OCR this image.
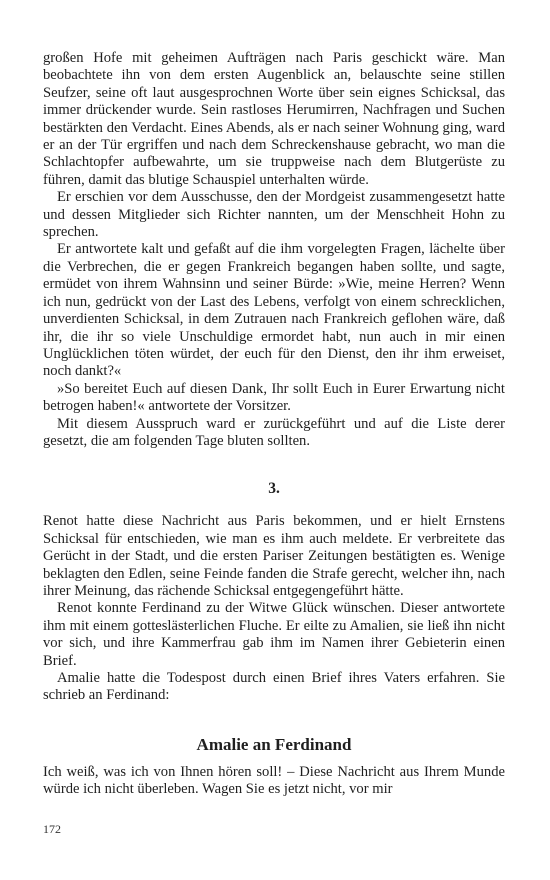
großen Hofe mit geheimen Aufträgen nach Paris geschickt wäre. Man beobachtete ihn von dem ersten Augenblick an, belauschte seine stillen Seufzer, seine oft laut ausgesprochnen Worte über sein eignes Schicksal, das immer drückender wurde. Sein rastloses Herumirren, Nachfragen und Suchen bestärkten den Verdacht. Eines Abends, als er nach seiner Wohnung ging, ward er an der Tür ergriffen und nach dem Schreckenshause gebracht, wo man die Schlachtopfer aufbewahrte, um sie truppweise nach dem Blutgerüste zu führen, damit das blutige Schauspiel unterhalten würde.

Er erschien vor dem Ausschusse, den der Mordgeist zusammengesetzt hatte und dessen Mitglieder sich Richter nannten, um der Menschheit Hohn zu sprechen.

Er antwortete kalt und gefaßt auf die ihm vorgelegten Fragen, lächelte über die Verbrechen, die er gegen Frankreich begangen haben sollte, und sagte, ermüdet von ihrem Wahnsinn und seiner Bürde: »Wie, meine Herren? Wenn ich nun, gedrückt von der Last des Lebens, verfolgt von einem schrecklichen, unverdienten Schicksal, in dem Zutrauen nach Frankreich geflohen wäre, daß ihr, die ihr so viele Unschuldige ermordet habt, nun auch in mir einen Unglücklichen töten würdet, der euch für den Dienst, den ihr ihm erweiset, noch dankt?«

»So bereitet Euch auf diesen Dank, Ihr sollt Euch in Eurer Erwartung nicht betrogen haben!« antwortete der Vorsitzer.

Mit diesem Ausspruch ward er zurückgeführt und auf die Liste derer gesetzt, die am folgenden Tage bluten sollten.

3.

Renot hatte diese Nachricht aus Paris bekommen, und er hielt Ernstens Schicksal für entschieden, wie man es ihm auch meldete. Er verbreitete das Gerücht in der Stadt, und die ersten Pariser Zeitungen bestätigten es. Wenige beklagten den Edlen, seine Feinde fanden die Strafe gerecht, welcher ihn, nach ihrer Meinung, das rächende Schicksal entgegengeführt hätte.

Renot konnte Ferdinand zu der Witwe Glück wünschen. Dieser antwortete ihm mit einem gotteslästerlichen Fluche. Er eilte zu Amalien, sie ließ ihn nicht vor sich, und ihre Kammerfrau gab ihm im Namen ihrer Gebieterin einen Brief.

Amalie hatte die Todespost durch einen Brief ihres Vaters erfahren. Sie schrieb an Ferdinand:

Amalie an Ferdinand

Ich weiß, was ich von Ihnen hören soll! – Diese Nachricht aus Ihrem Munde würde ich nicht überleben. Wagen Sie es jetzt nicht, vor mir

172
